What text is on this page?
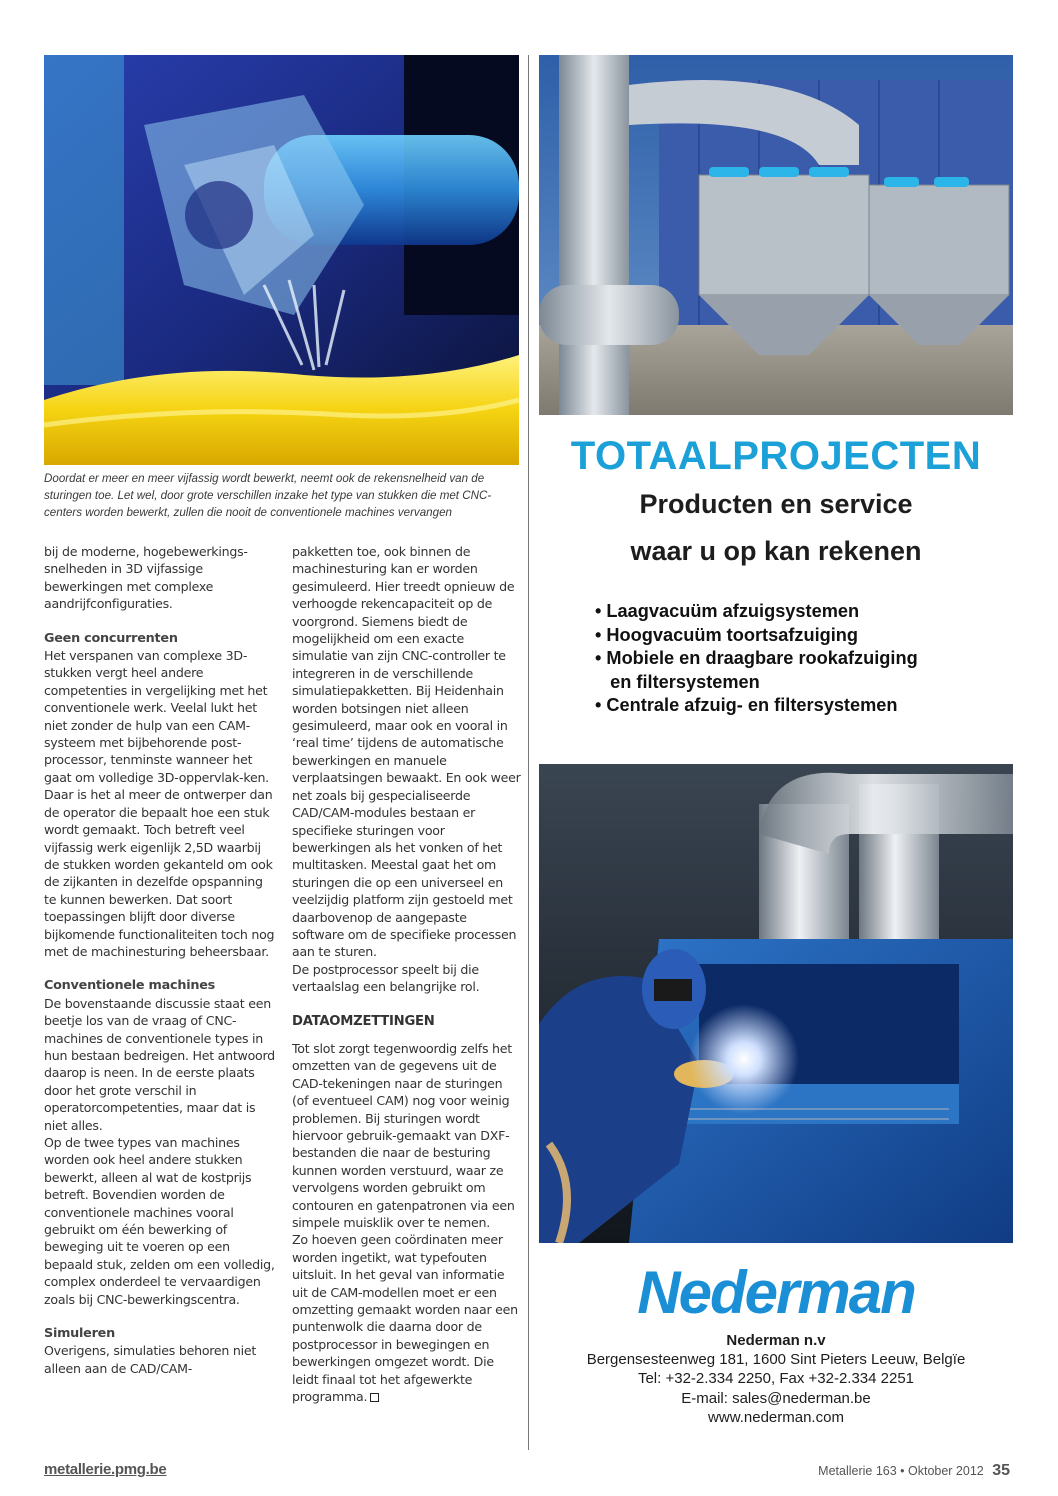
Doordat er meer en meer vijfassig wordt bewerkt, neemt ook de rekensnelheid van de sturingen toe. Let wel, door grote verschillen inzake het type van stukken die met CNC-centers worden bewerkt, zullen die nooit de conventionele machines vervangen

bij de moderne, hogebewerkings-snelheden in 3D vijfassige bewerkingen met complexe aandrijfconfiguraties.

Geen concurrenten

Het verspanen van complexe 3D-stukken vergt heel andere competenties in vergelijking met het conventionele werk. Veelal lukt het niet zonder de hulp van een CAM-systeem met bijbehorende post-processor, tenminste wanneer het gaat om volledige 3D-oppervlak-ken. Daar is het al meer de ontwerper dan de operator die bepaalt hoe een stuk wordt gemaakt. Toch betreft veel vijfassig werk eigenlijk 2,5D waarbij de stukken worden gekanteld om ook de zijkanten in dezelfde opspanning te kunnen bewerken. Dat soort toepassingen blijft door diverse bijkomende functionaliteiten toch nog met de machinesturing beheersbaar.

Conventionele machines

De bovenstaande discussie staat een beetje los van de vraag of CNC-machines de conventionele types in hun bestaan bedreigen. Het antwoord daarop is neen. In de eerste plaats door het grote verschil in operatorcompetenties, maar dat is niet alles.

Op de twee types van machines worden ook heel andere stukken bewerkt, alleen al wat de kostprijs betreft. Bovendien worden de conventionele machines vooral gebruikt om één bewerking of beweging uit te voeren op een bepaald stuk, zelden om een volledig, complex onderdeel te vervaardigen zoals bij CNC-bewerkingscentra.

Simuleren

Overigens, simulaties behoren niet alleen aan de CAD/CAM-

pakketten toe, ook binnen de machinesturing kan er worden gesimuleerd. Hier treedt opnieuw de verhoogde rekencapaciteit op de voorgrond. Siemens biedt de mogelijkheid om een exacte simulatie van zijn CNC-controller te integreren in de verschillende simulatiepakketten. Bij Heidenhain worden botsingen niet alleen gesimuleerd, maar ook en vooral in ‘real time’ tijdens de automatische bewerkingen en manuele verplaatsingen bewaakt. En ook weer net zoals bij gespecialiseerde CAD/CAM-modules bestaan er specifieke sturingen voor bewerkingen als het vonken of het multitasken. Meestal gaat het om sturingen die op een universeel en veelzijdig platform zijn gestoeld met daarbovenop de aangepaste software om de specifieke processen aan te sturen.

De postprocessor speelt bij die vertaalslag een belangrijke rol.

DATAOMZETTINGEN

Tot slot zorgt tegenwoordig zelfs het omzetten van de gegevens uit de CAD-tekeningen naar de sturingen (of eventueel CAM) nog voor weinig problemen. Bij sturingen wordt hiervoor gebruik-gemaakt van DXF-bestanden die naar de besturing kunnen worden verstuurd, waar ze vervolgens worden gebruikt om contouren en gatenpatronen via een simpele muisklik over te nemen.

Zo hoeven geen coördinaten meer worden ingetikt, wat typefouten uitsluit. In het geval van informatie uit de CAM-modellen moet er een omzetting gemaakt worden naar een puntenwolk die daarna door de postprocessor in bewegingen en bewerkingen omgezet wordt. Die leidt finaal tot het afgewerkte programma.

TOTAALPROJECTEN
Producten en service
waar u op kan rekenen
• Laagvacuüm afzuigsystemen
• Hoogvacuüm toortsafzuiging
• Mobiele en draagbare rookafzuiging
en filtersystemen
• Centrale afzuig- en filtersystemen
Nederman
Nederman n.v
Bergensesteenweg 181, 1600 Sint Pieters Leeuw, Belgïe
Tel: +32-2.334 2250, Fax +32-2.334 2251
E-mail: sales@nederman.be
www.nederman.com
metallerie.pmg.be	Metallerie 163 • Oktober 2012 35
